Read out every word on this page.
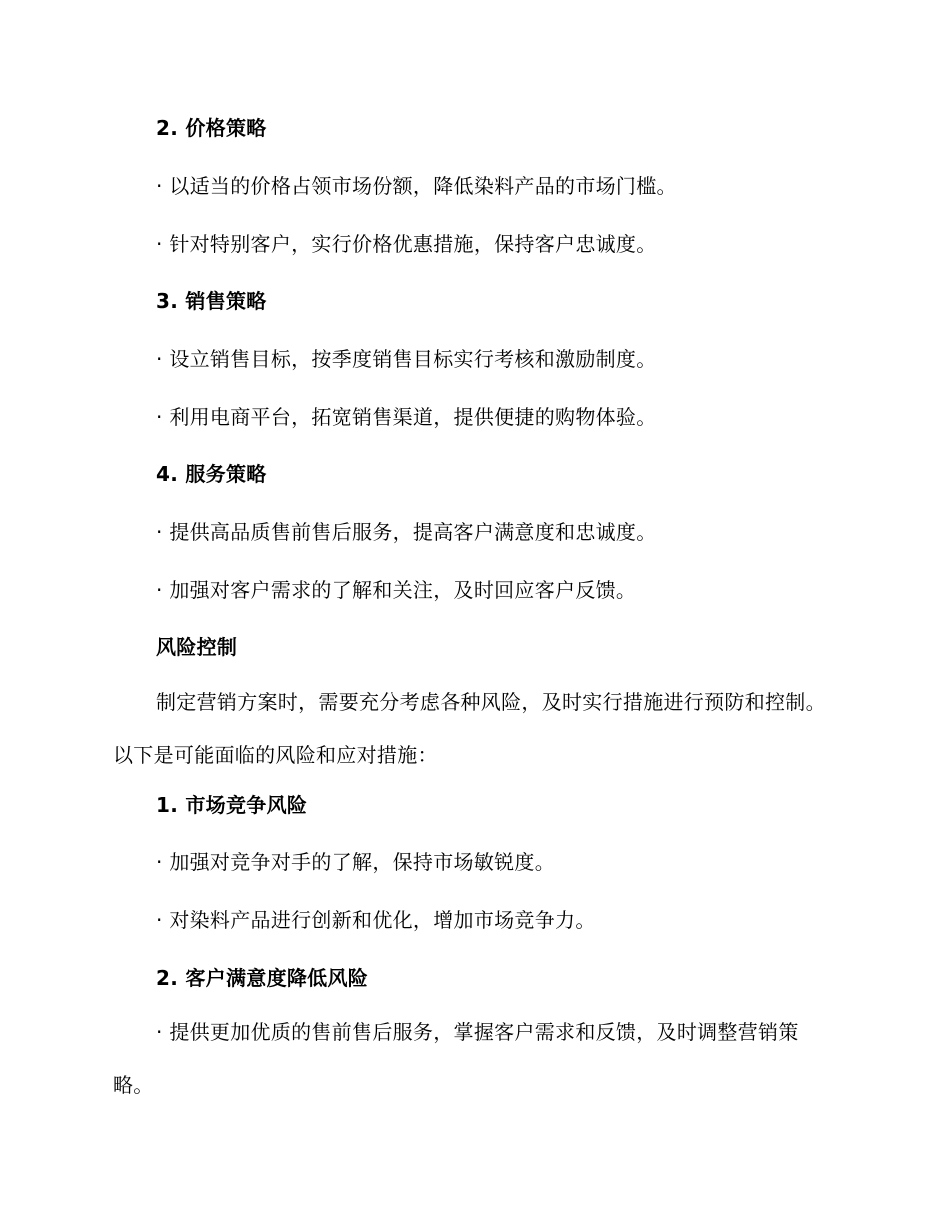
2. 价格策略
· 以适当的价格占领市场份额，降低染料产品的市场门槛。
· 针对特别客户，实行价格优惠措施，保持客户忠诚度。
3. 销售策略
· 设立销售目标，按季度销售目标实行考核和激励制度。
· 利用电商平台，拓宽销售渠道，提供便捷的购物体验。
4. 服务策略
· 提供高品质售前售后服务，提高客户满意度和忠诚度。
· 加强对客户需求的了解和关注，及时回应客户反馈。
风险控制

制定营销方案时，需要充分考虑各种风险，及时实行措施进行预防和控制。以下是可能面临的风险和应对措施：

1. 市场竞争风险
· 加强对竞争对手的了解，保持市场敏锐度。
· 对染料产品进行创新和优化，增加市场竞争力。
2. 客户满意度降低风险

· 提供更加优质的售前售后服务，掌握客户需求和反馈，及时调整营销策略。
